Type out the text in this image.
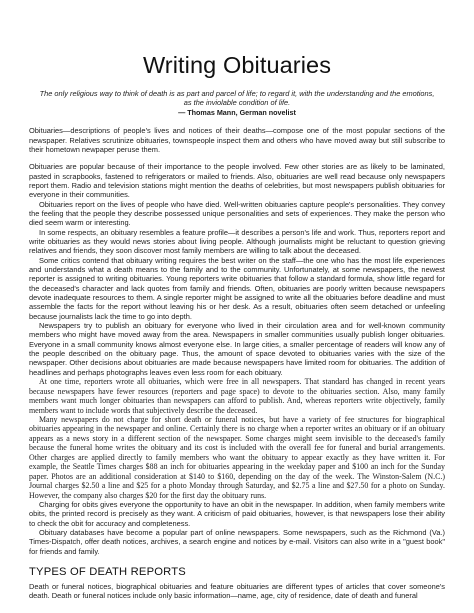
Writing Obituaries
The only religious way to think of death is as part and parcel of life; to regard it, with the understanding and the emotions, as the inviolable condition of life.
— Thomas Mann, German novelist

Obituaries—descriptions of people's lives and notices of their deaths—compose one of the most popular sections of the newspaper. Relatives scrutinize obituaries, townspeople inspect them and others who have moved away but still subscribe to their hometown newpaper peruse them.

Obituaries are popular because of their importance to the people involved. Few other stories are as likely to be laminated, pasted in scrapbooks, fastened to refrigerators or mailed to friends. Also, obituaries are well read because only newspapers report them. Radio and television stations might mention the deaths of celebrities, but most newspapers publish obituaries for everyone in their communities.

Obituaries report on the lives of people who have died. Well-written obituaries capture people's personalities. They convey the feeling that the people they describe possessed unique personalities and sets of experiences. They make the person who died seem warm or interesting.

In some respects, an obituary resembles a feature profile—it describes a person's life and work. Thus, reporters report and write obituaries as they would news stories about living people. Although journalists might be reluctant to question grieving relatives and friends, they soon discover most family members are willing to talk about the deceased.

Some critics contend that obituary writing requires the best writer on the staff—the one who has the most life experiences and understands what a death means to the family and to the community. Unfortunately, at some newspapers, the newest reporter is assigned to writing obituaries. Young reporters write obituaries that follow a standard formula, show little regard for the deceased's character and lack quotes from family and friends. Often, obituaries are poorly written because newspapers devote inadequate resources to them. A single reporter might be assigned to write all the obituaries before deadline and must assemble the facts for the report without leaving his or her desk. As a result, obituaries often seem detached or unfeeling because journalists lack the time to go into depth.

Newspapers try to publish an obituary for everyone who lived in their circulation area and for well-known community members who might have moved away from the area. Newspapers in smaller communities usually publish longer obituaries. Everyone in a small community knows almost everyone else. In large cities, a smaller percentage of readers will know any of the people described on the obituary page. Thus, the amount of space devoted to obituaries varies with the size of the newspaper. Other decisions about obituaries are made because newspapers have limited room for obituaries. The addition of headlines and perhaps photographs leaves even less room for each obituary.

At one time, reporters wrote all obituaries, which were free in all newspapers. That standard has changed in recent years because newspapers have fewer resources (reporters and page space) to devote to the obituaries section. Also, many family members want much longer obituaries than newspapers can afford to publish. And, whereas reporters write objectively, family members want to include words that subjectively describe the deceased.

Many newspapers do not charge for short death or funeral notices, but have a variety of fee structures for biographical obituaries appearing in the newspaper and online. Certainly there is no charge when a reporter writes an obituary or if an obituary appears as a news story in a different section of the newspaper. Some charges might seem invisible to the deceased's family because the funeral home writes the obituary and its cost is included with the overall fee for funeral and burial arrangements. Other charges are applied directly to family members who want the obituary to appear exactly as they have written it. For example, the Seattle Times charges $88 an inch for obituaries appearing in the weekday paper and $100 an inch for the Sunday paper. Photos are an additional consideration at $140 to $160, depending on the day of the week. The Winston-Salem (N.C.) Journal charges $2.50 a line and $25 for a photo Monday through Saturday, and $2.75 a line and $27.50 for a photo on Sunday. However, the company also charges $20 for the first day the obituary runs.

Charging for obits gives everyone the opportunity to have an obit in the newspaper. In addition, when family members write obits, the printed record is precisely as they want. A criticism of paid obituaries, however, is that newspapers lose their ability to check the obit for accuracy and completeness.

Obituary databases have become a popular part of online newspapers. Some newspapers, such as the Richmond (Va.) Times-Dispatch, offer death notices, archives, a search engine and notices by e-mail. Visitors can also write in a "guest book" for friends and family.

TYPES OF DEATH REPORTS

Death or funeral notices, biographical obituaries and feature obituaries are different types of articles that cover someone's death. Death or funeral notices include only basic information—name, age, city of residence, date of death and funeral
